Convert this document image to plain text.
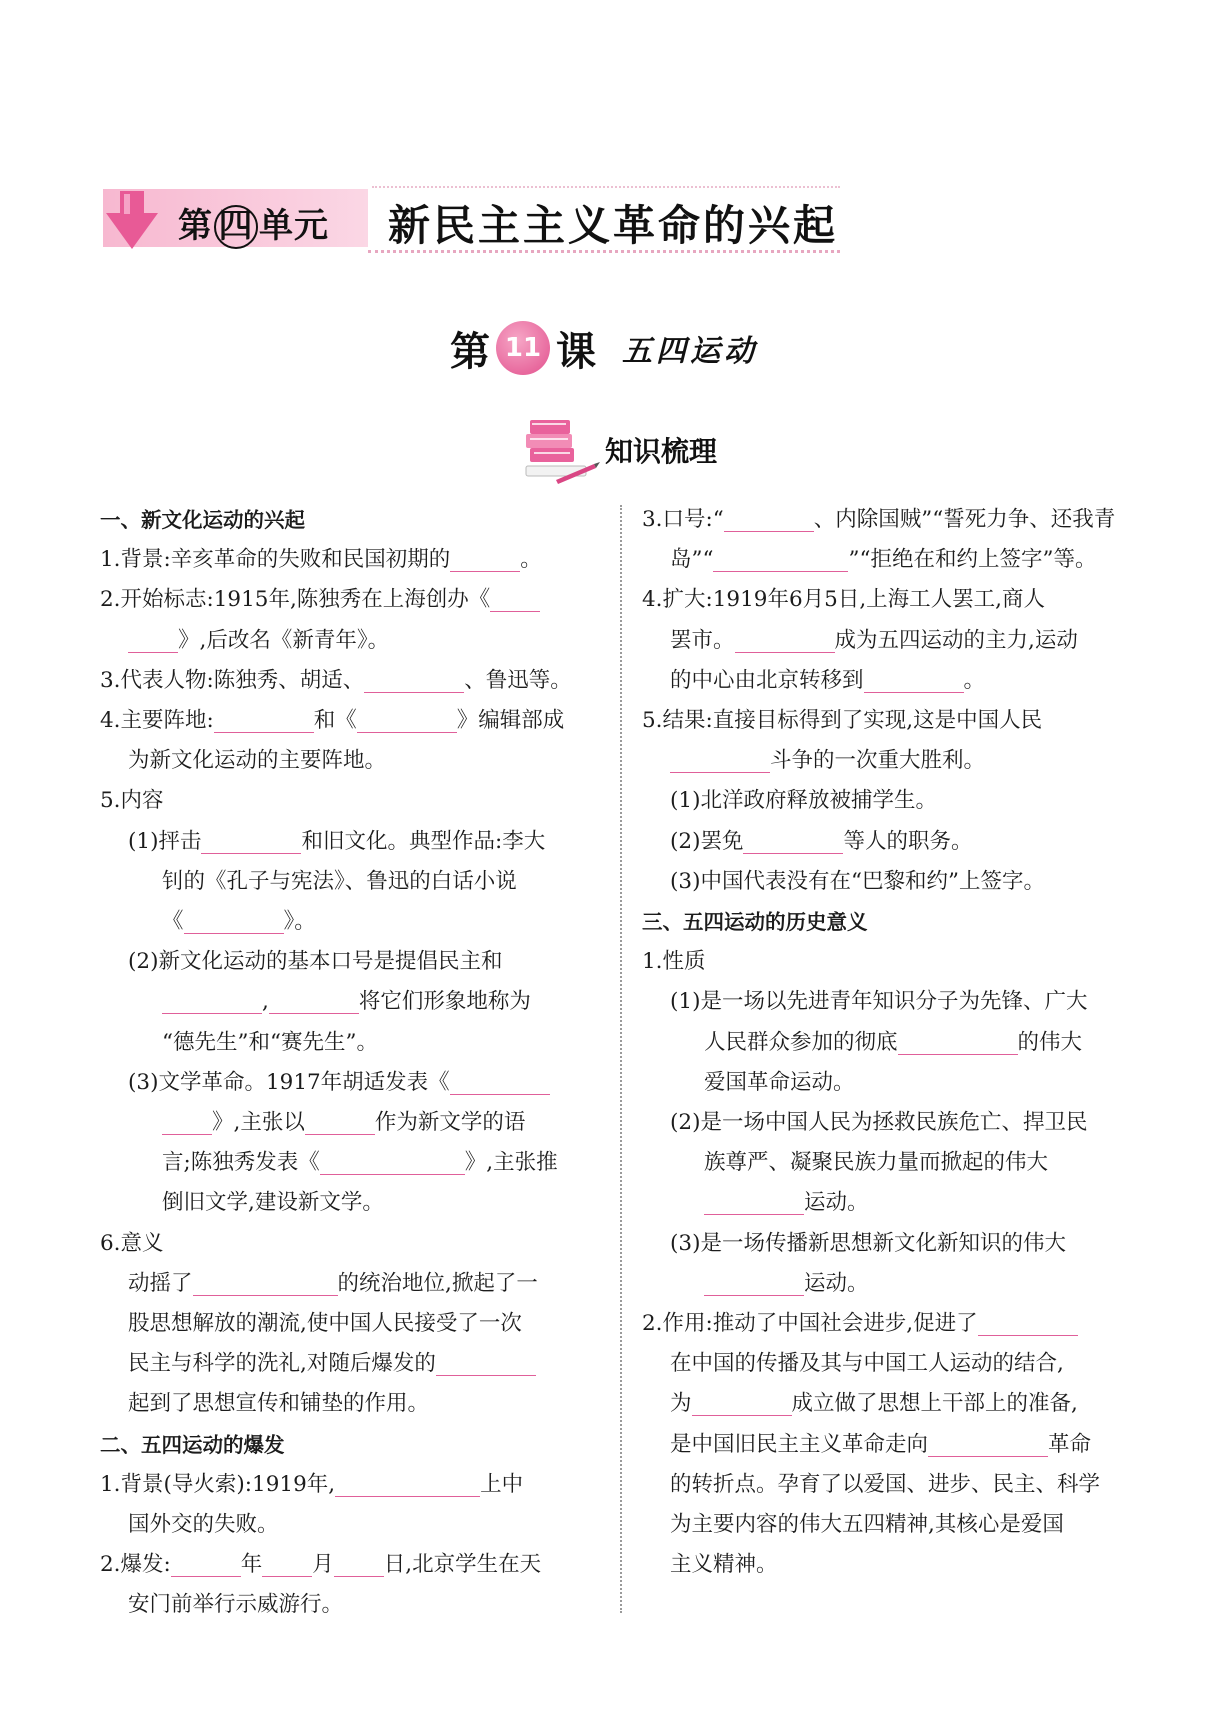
第 四 单元 新民主主义革命的兴起
第 11 课 五四运动
知识梳理
一、新文化运动的兴起
1.背景:辛亥革命的失败和民国初期的	。
2.开始标志:1915年,陈独秀在上海创办《
》,后改名《新青年》。
3.代表人物:陈独秀、胡适、	、鲁迅等。
4.主要阵地:	和《	》编辑部成
为新文化运动的主要阵地。
5.内容
(1)抨击	和旧文化。典型作品:李大
钊的《孔子与宪法》、鲁迅的白话小说
《	》。
(2)新文化运动的基本口号是提倡民主和
,	将它们形象地称为
“德先生”和“赛先生”。
(3)文学革命。1917年胡适发表《
》,主张以	作为新文学的语
言;陈独秀发表《	》,主张推
倒旧文学,建设新文学。
6.意义
动摇了	的统治地位,掀起了一
股思想解放的潮流,使中国人民接受了一次
民主与科学的洗礼,对随后爆发的
起到了思想宣传和铺垫的作用。
二、五四运动的爆发
1.背景(导火索):1919年,	上中
国外交的失败。
2.爆发:	年 月 日,北京学生在天
安门前举行示威游行。
3.口号:“	、内除国贼”“誓死力争、还我青
岛”“	”“拒绝在和约上签字”等。
4.扩大:1919年6月5日,上海工人罢工,商人
罢市。	成为五四运动的主力,运动
的中心由北京转移到	。
5.结果:直接目标得到了实现,这是中国人民
斗争的一次重大胜利。
(1)北洋政府释放被捕学生。
(2)罢免	等人的职务。
(3)中国代表没有在“巴黎和约”上签字。
三、五四运动的历史意义
1.性质
(1)是一场以先进青年知识分子为先锋、广大
人民群众参加的彻底	的伟大
爱国革命运动。
(2)是一场中国人民为拯救民族危亡、捍卫民
族尊严、凝聚民族力量而掀起的伟大
运动。
(3)是一场传播新思想新文化新知识的伟大
运动。
2.作用:推动了中国社会进步,促进了
在中国的传播及其与中国工人运动的结合,
为	成立做了思想上干部上的准备,
是中国旧民主主义革命走向	革命
的转折点。孕育了以爱国、进步、民主、科学
为主要内容的伟大五四精神,其核心是爱国
主义精神。
